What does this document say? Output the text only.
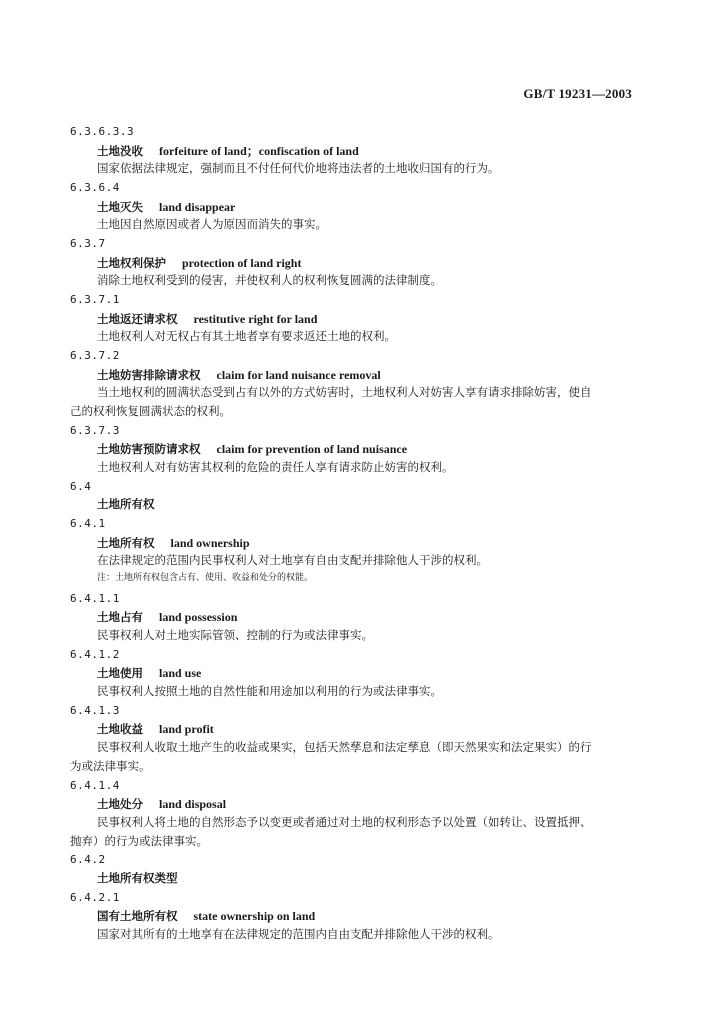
GB/T 19231—2003
6.3.6.3.3
土地没收 forfeiture of land；confiscation of land
国家依据法律规定，强制而且不付任何代价地将违法者的土地收归国有的行为。
6.3.6.4
土地灭失 land disappear
土地因自然原因或者人为原因而消失的事实。
6.3.7
土地权利保护 protection of land right
消除土地权利受到的侵害，并使权利人的权利恢复圆满的法律制度。
6.3.7.1
土地返还请求权 restitutive right for land
土地权利人对无权占有其土地者享有要求返还土地的权利。
6.3.7.2
土地妨害排除请求权 claim for land nuisance removal
当土地权利的圆满状态受到占有以外的方式妨害时，土地权利人对妨害人享有请求排除妨害，使自
己的权利恢复圆满状态的权利。
6.3.7.3
土地妨害预防请求权 claim for prevention of land nuisance
土地权利人对有妨害其权利的危险的责任人享有请求防止妨害的权利。
6.4
土地所有权
6.4.1
土地所有权 land ownership
在法律规定的范围内民事权利人对土地享有自由支配并排除他人干涉的权利。
注：土地所有权包含占有、使用、收益和处分的权能。
6.4.1.1
土地占有 land possession
民事权利人对土地实际管领、控制的行为或法律事实。
6.4.1.2
土地使用 land use
民事权利人按照土地的自然性能和用途加以利用的行为或法律事实。
6.4.1.3
土地收益 land profit
民事权利人收取土地产生的收益或果实，包括天然孳息和法定孳息（即天然果实和法定果实）的行
为或法律事实。
6.4.1.4
土地处分 land disposal
民事权利人将土地的自然形态予以变更或者通过对土地的权利形态予以处置（如转让、设置抵押、
抛弃）的行为或法律事实。
6.4.2
土地所有权类型
6.4.2.1
国有土地所有权 state ownership on land
国家对其所有的土地享有在法律规定的范围内自由支配并排除他人干涉的权利。
